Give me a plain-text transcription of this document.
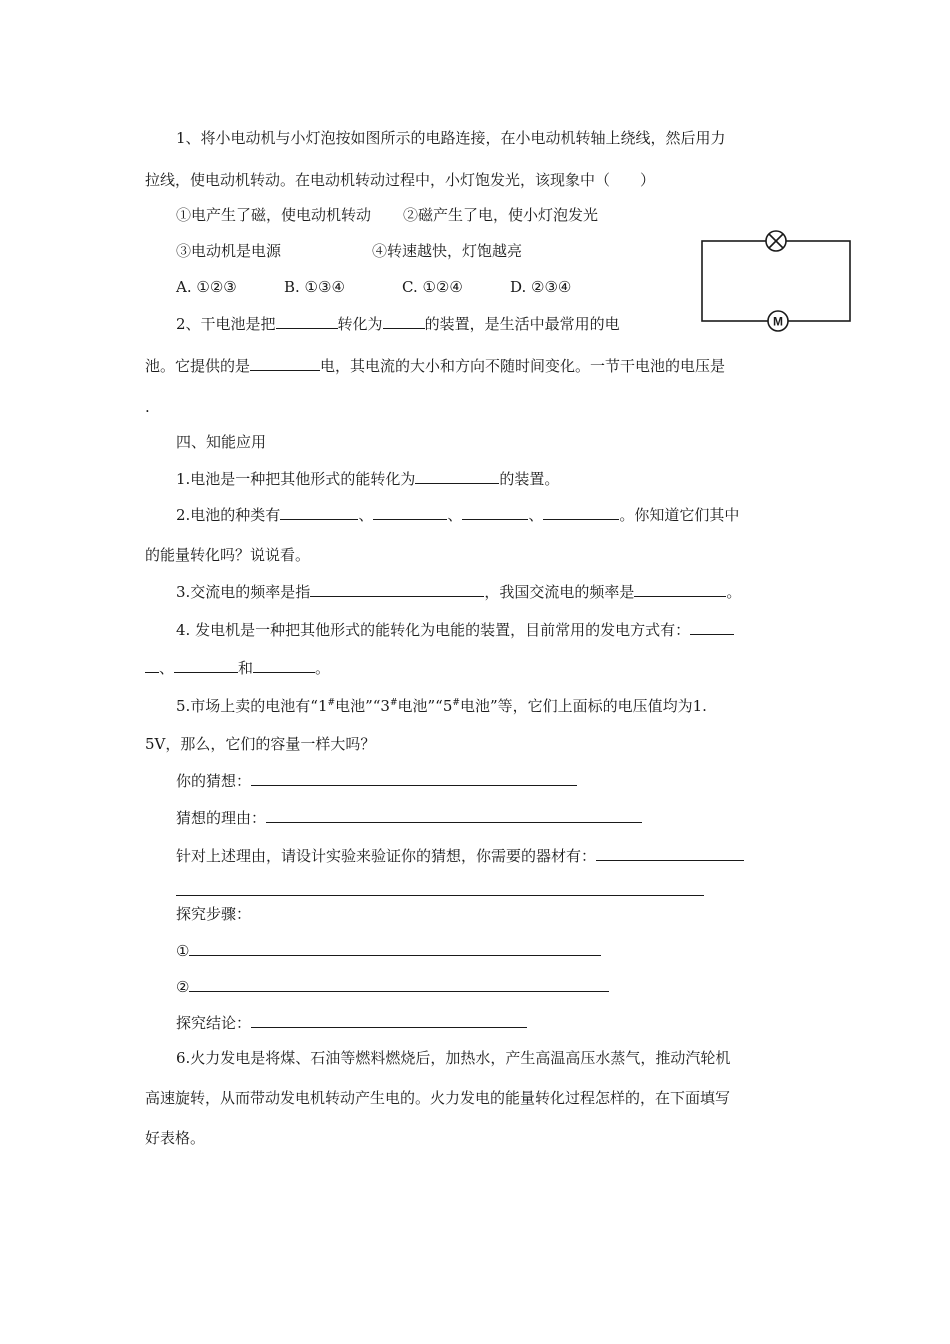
1、将小电动机与小灯泡按如图所示的电路连接，在小电动机转轴上绕线，然后用力
拉线，使电动机转动。在电动机转动过程中，小灯饱发光，该现象中（　　）
①电产生了磁，使电动机转动 ②磁产生了电，使小灯泡发光
③电动机是电源	④转速越快，灯饱越亮
A. ①②③	B. ①③④	C. ①②④	D. ②③④
M
2、干电池是把	转化为	的装置，是生活中最常用的电
池。它提供的是	电，其电流的大小和方向不随时间变化。一节干电池的电压是
.
四、知能应用
1.电池是一种把其他形式的能转化为	的装置。
2.电池的种类有	、	、	、	。你知道它们其中
的能量转化吗？说说看。
3.交流电的频率是指	，我国交流电的频率是	。
4. 发电机是一种把其他形式的能转化为电能的装置，目前常用的发电方式有：
、	和	。
5.市场上卖的电池有“1#电池”“3#电池”“5#电池”等，它们上面标的电压值均为1.
5V，那么，它们的容量一样大吗？
你的猜想：
猜想的理由：
针对上述理由，请设计实验来验证你的猜想，你需要的器材有：
探究步骤：
①
②
探究结论：
6.火力发电是将煤、石油等燃料燃烧后，加热水，产生高温高压水蒸气，推动汽轮机
高速旋转，从而带动发电机转动产生电的。火力发电的能量转化过程怎样的，在下面填写
好表格。
